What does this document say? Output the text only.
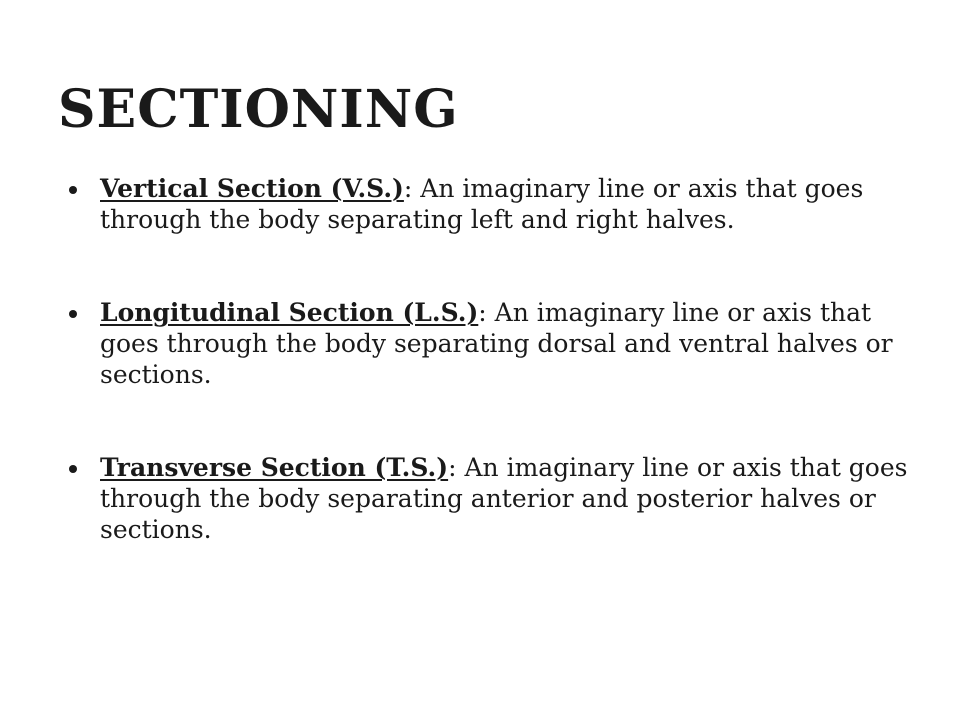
SECTIONING
Vertical Section (V.S.): An imaginary line or axis that goes through the body separating left and right halves.
Longitudinal Section (L.S.): An imaginary line or axis that goes through the body separating dorsal and ventral halves or sections.
Transverse Section (T.S.): An imaginary line or axis that goes through the body separating anterior and posterior halves or sections.
